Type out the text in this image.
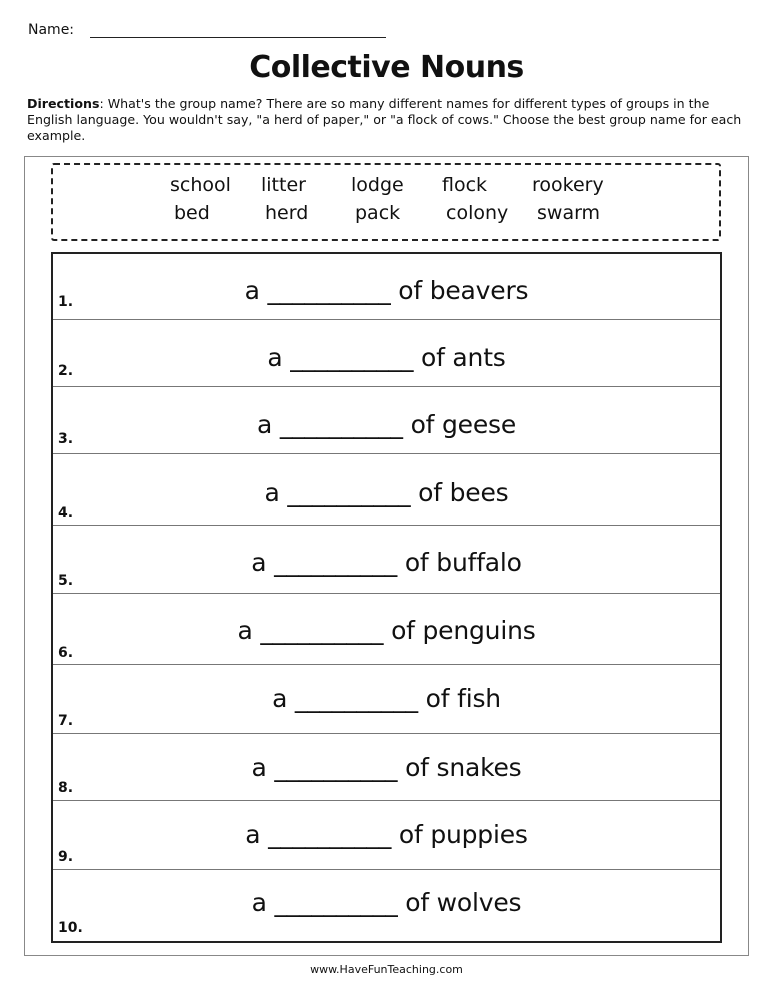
Name:
Collective Nouns
Directions: What's the group name? There are so many different names for different types of groups in the English language. You wouldn't say, "a herd of paper," or "a flock of cows." Choose the best group name for each example.
school litter lodge flock rookery
bed	herd pack colony swarm
a __________ of beavers
1.
a __________ of ants
2.
a __________ of geese
3.
a __________ of bees
4.
a __________ of buffalo
5.
a __________ of penguins
6.
a __________ of fish
7.
a __________ of snakes
8.
a __________ of puppies
9.
a __________ of wolves
10.
www.HaveFunTeaching.com
